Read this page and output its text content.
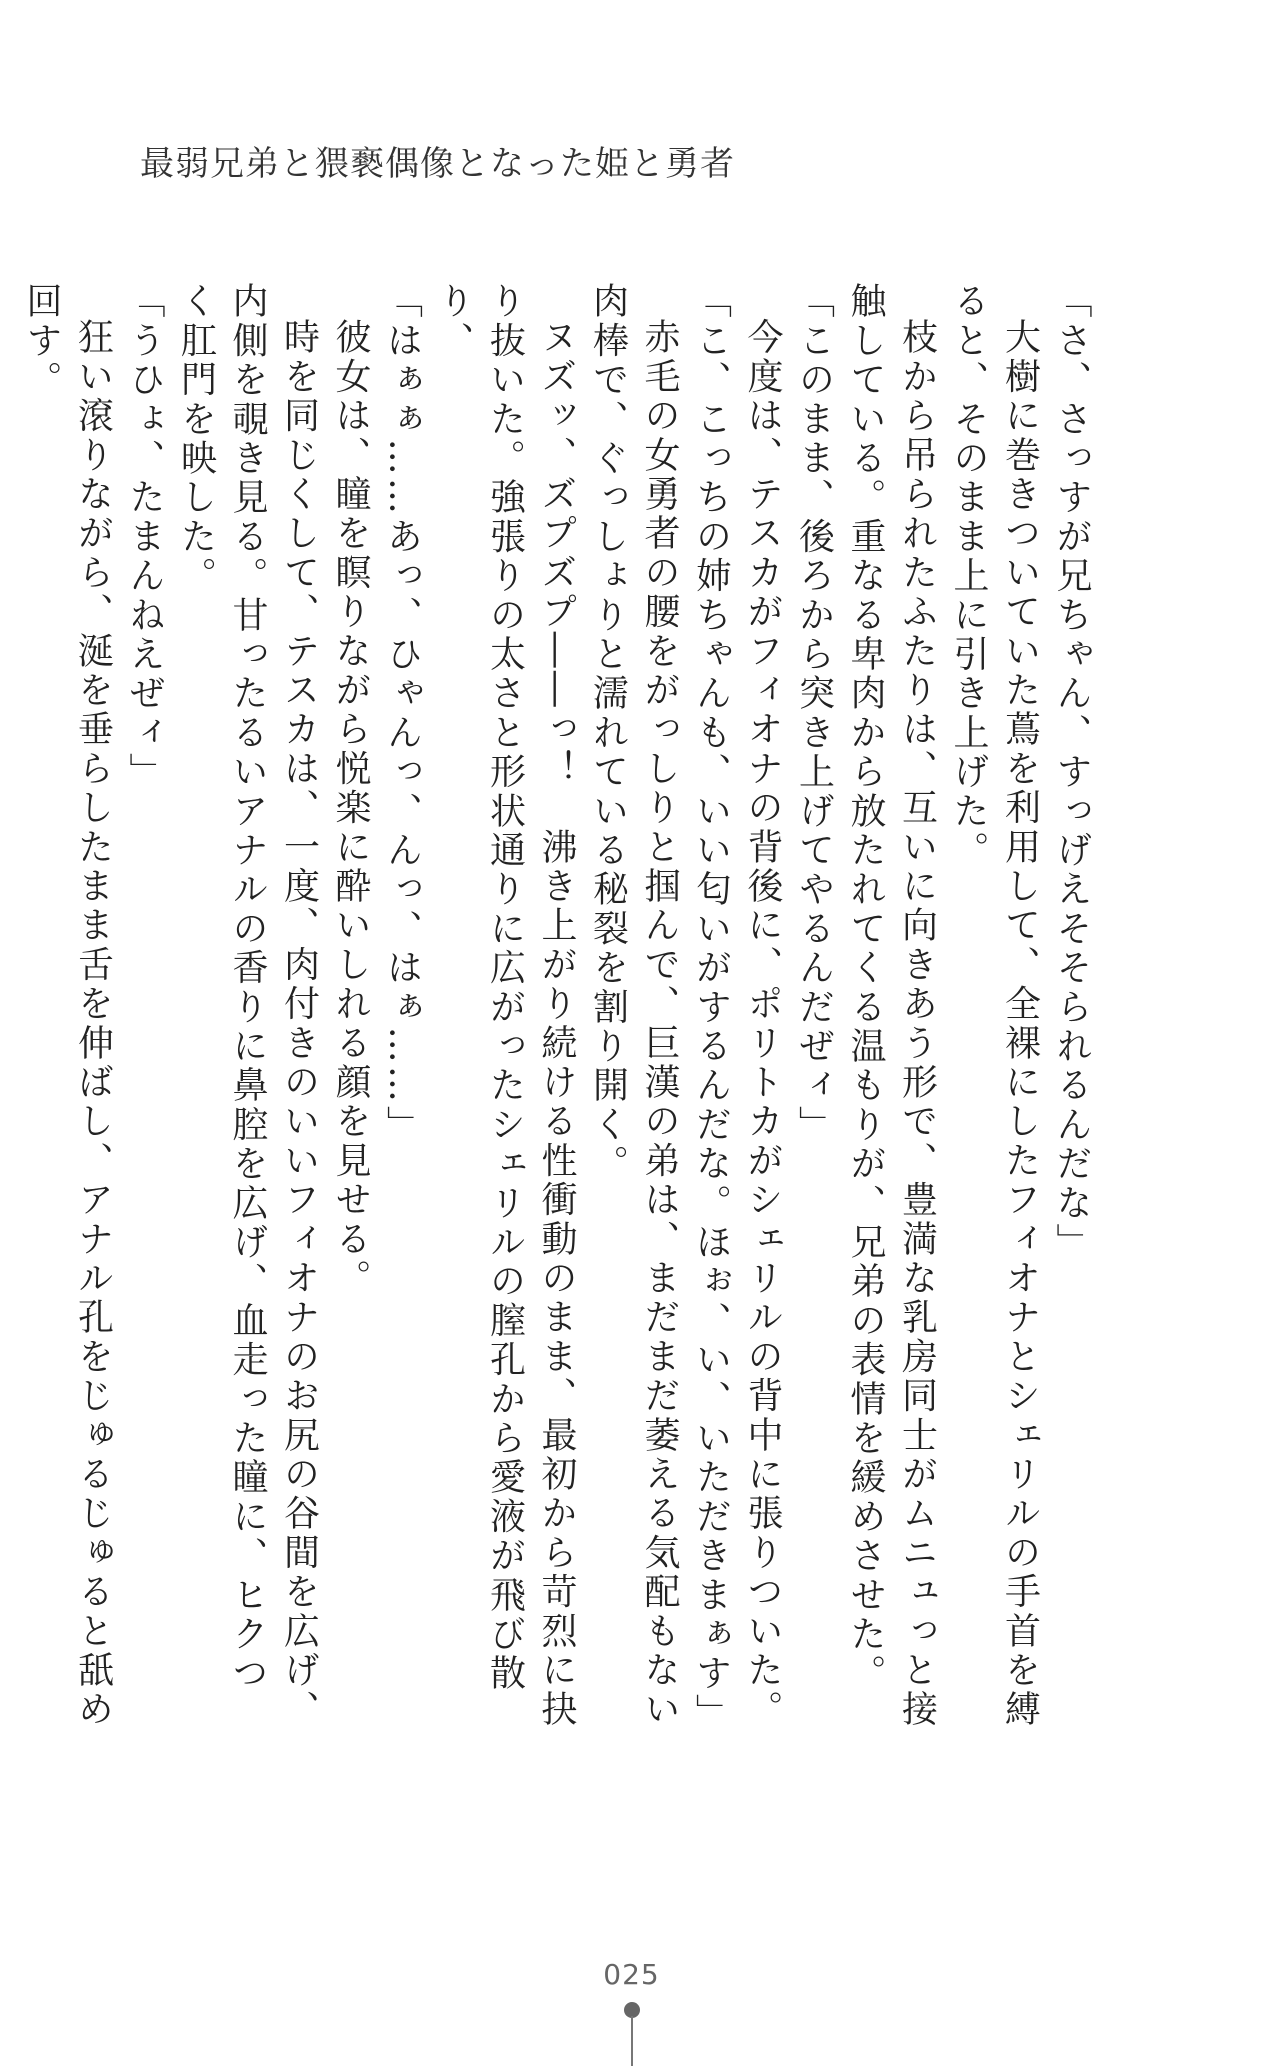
最弱兄弟と猥褻偶像となった姫と勇者

「さ、さっすが兄ちゃん、すっげえそそられるんだな」

大樹に巻きついていた蔦を利用して、全裸にしたフィオナとシェリルの手首を縛ると、そのまま上に引き上げた。

枝から吊られたふたりは、互いに向きあう形で、豊満な乳房同士がムニュっと接触している。重なる卑肉から放たれてくる温もりが、兄弟の表情を緩めさせた。

「このまま、後ろから突き上げてやるんだぜィ」

今度は、テスカがフィオナの背後に、ポリトカがシェリルの背中に張りついた。

「こ、こっちの姉ちゃんも、いい匂いがするんだな。ほぉ、い、いただきまぁす」

赤毛の女勇者の腰をがっしりと掴んで、巨漢の弟は、まだまだ萎える気配もない肉棒で、ぐっしょりと濡れている秘裂を割り開く。

ヌズッ、ズプズプ――っ！　沸き上がり続ける性衝動のまま、最初から苛烈に抉り抜いた。強張りの太さと形状通りに広がったシェリルの膣孔から愛液が飛び散り、

「はぁぁ……あっ、ひゃんっ、んっ、はぁ……」

彼女は、瞳を瞑りながら悦楽に酔いしれる顔を見せる。

時を同じくして、テスカは、一度、肉付きのいいフィオナのお尻の谷間を広げ、内側を覗き見る。甘ったるいアナルの香りに鼻腔を広げ、血走った瞳に、ヒクつく肛門を映した。

「うひょ、たまんねえぜィ」

狂い滾りながら、涎を垂らしたまま舌を伸ばし、アナル孔をじゅるじゅると舐め回す。

025
